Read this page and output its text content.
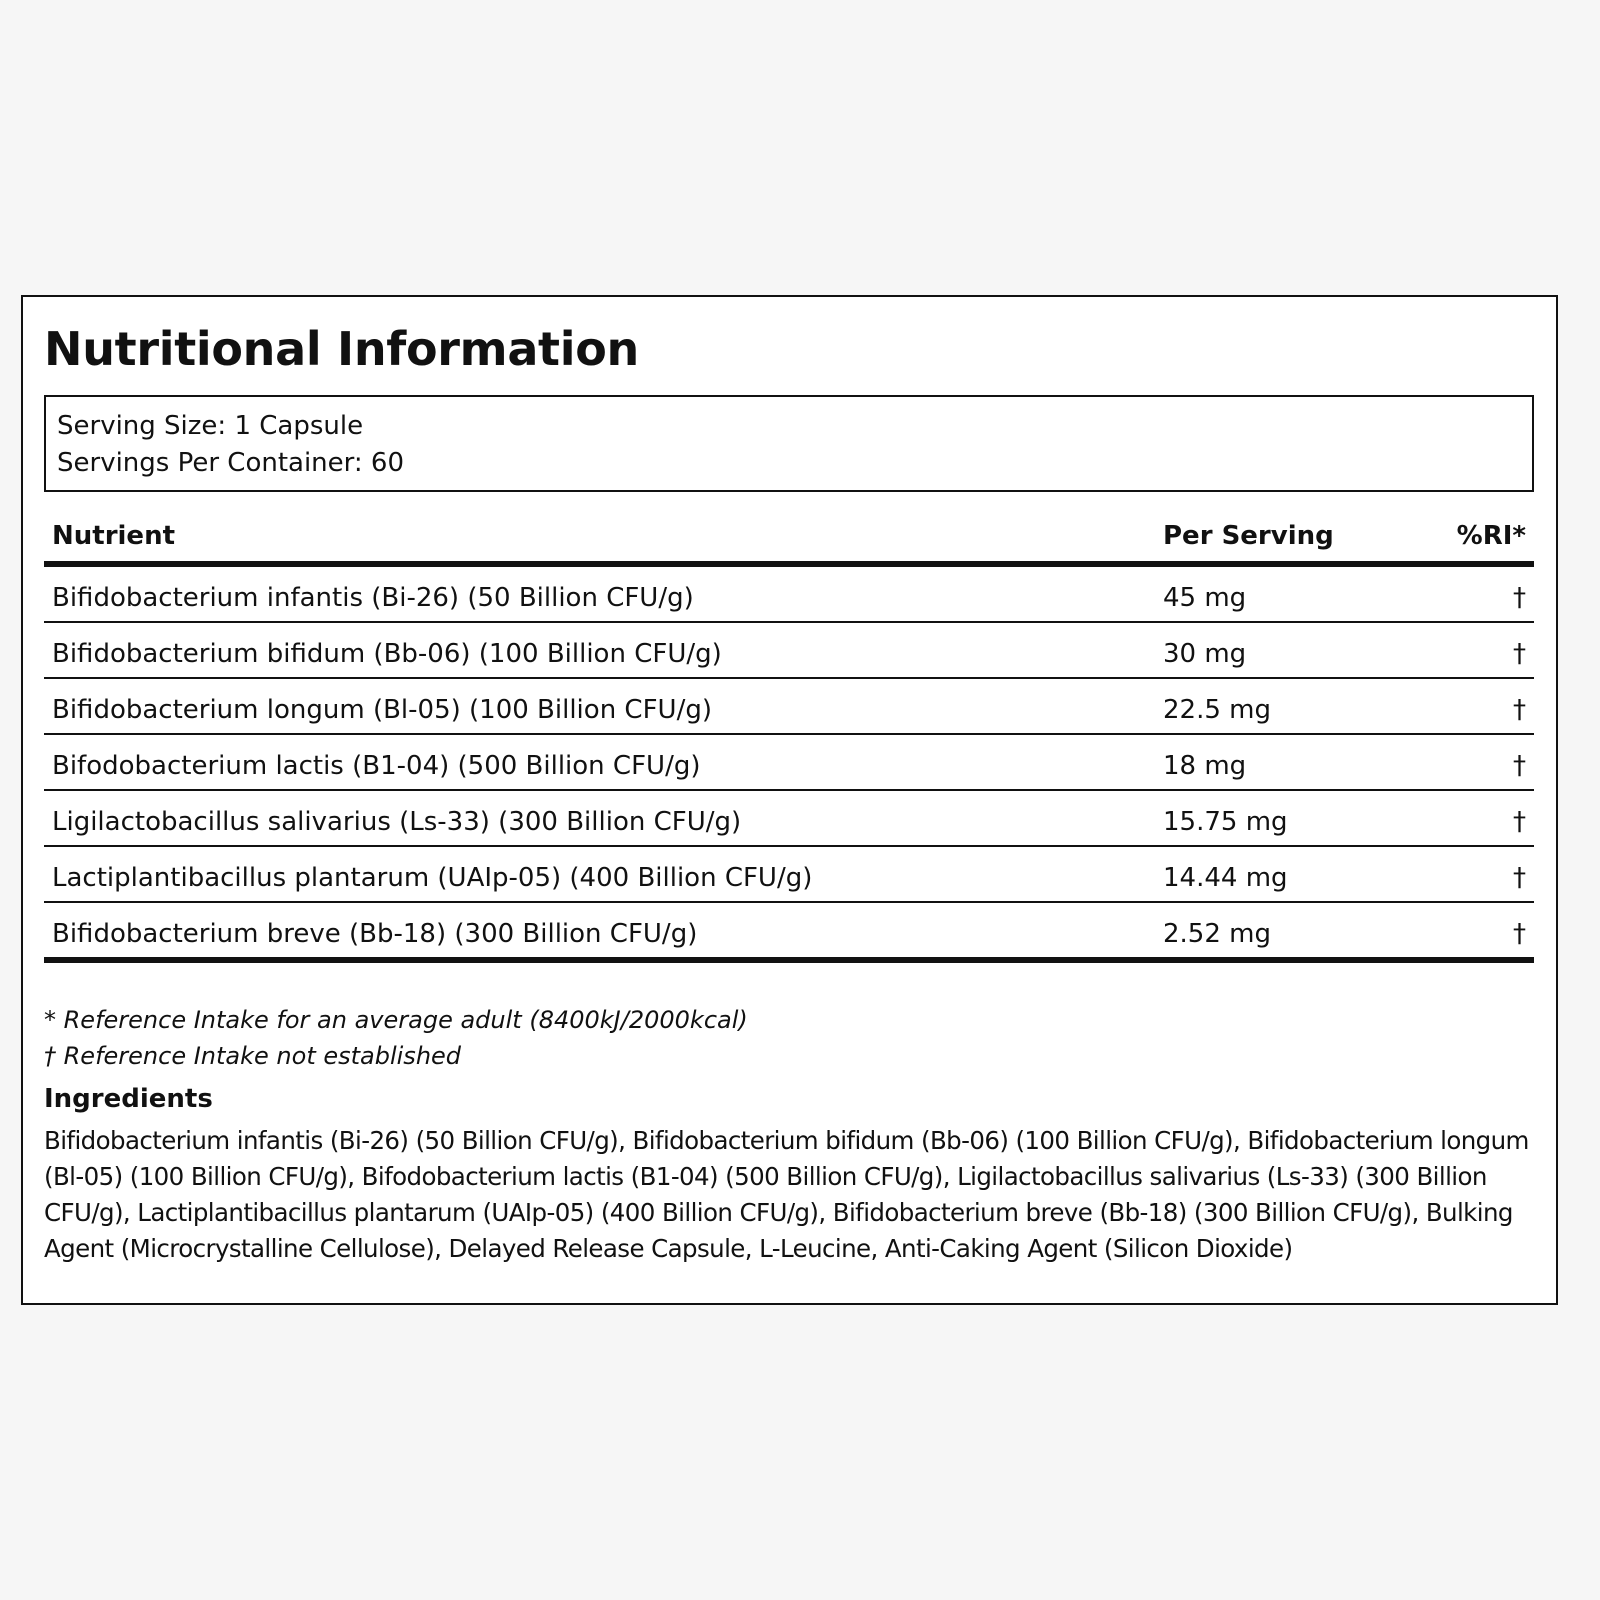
Nutritional Information
Serving Size: 1 Capsule
Servings Per Container: 60
Nutrient	Per Serving	%RI*
Bifidobacterium infantis (Bi-26) (50 Billion CFU/g)	45 mg	†
Bifidobacterium bifidum (Bb-06) (100 Billion CFU/g)	30 mg	†
Bifidobacterium longum (Bl-05) (100 Billion CFU/g)	22.5 mg	†
Bifodobacterium lactis (B1-04) (500 Billion CFU/g)	18 mg	†
Ligilactobacillus salivarius (Ls-33) (300 Billion CFU/g)	15.75 mg	†
Lactiplantibacillus plantarum (UAIp-05) (400 Billion CFU/g)	14.44 mg	†
Bifidobacterium breve (Bb-18) (300 Billion CFU/g)	2.52 mg	†
* Reference Intake for an average adult (8400kJ/2000kcal)
† Reference Intake not established
Ingredients

Bifidobacterium infantis (Bi-26) (50 Billion CFU/g), Bifidobacterium bifidum (Bb-06) (100 Billion CFU/g), Bifidobacterium longum (Bl-05) (100 Billion CFU/g), Bifodobacterium lactis (B1-04) (500 Billion CFU/g), Ligilactobacillus salivarius (Ls-33) (300 Billion CFU/g), Lactiplantibacillus plantarum (UAIp-05) (400 Billion CFU/g), Bifidobacterium breve (Bb-18) (300 Billion CFU/g), Bulking Agent (Microcrystalline Cellulose), Delayed Release Capsule, L-Leucine, Anti-Caking Agent (Silicon Dioxide)
